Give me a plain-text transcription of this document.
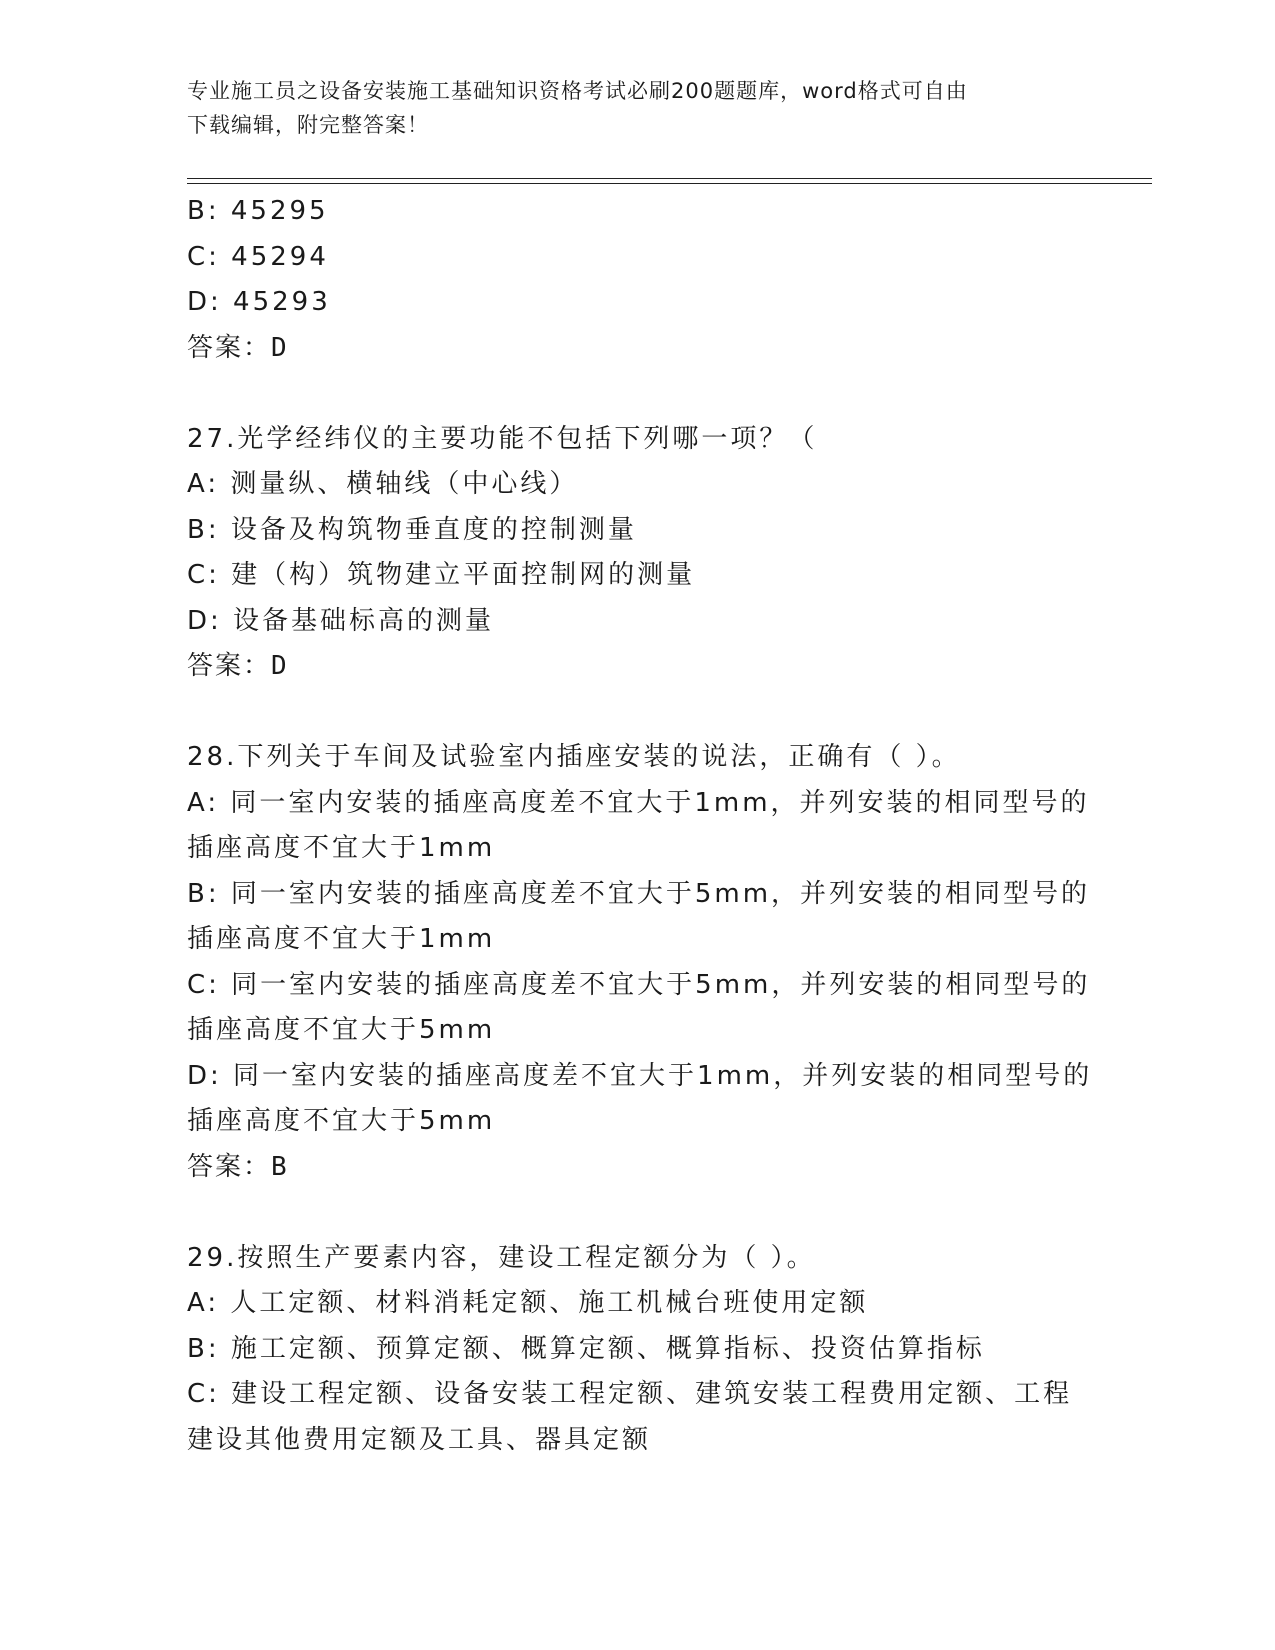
专业施工员之设备安装施工基础知识资格考试必刷200题题库，word格式可自由
下载编辑，附完整答案！

B: 45295

C: 45294

D: 45293

答案：D

27.光学经纬仪的主要功能不包括下列哪一项？（

A: 测量纵、横轴线（中心线）

B: 设备及构筑物垂直度的控制测量

C: 建（构）筑物建立平面控制网的测量

D: 设备基础标高的测量

答案：D

28.下列关于车间及试验室内插座安装的说法，正确有（ ）。

A: 同一室内安装的插座高度差不宜大于1mm，并列安装的相同型号的

插座高度不宜大于1mm

B: 同一室内安装的插座高度差不宜大于5mm，并列安装的相同型号的

插座高度不宜大于1mm

C: 同一室内安装的插座高度差不宜大于5mm，并列安装的相同型号的

插座高度不宜大于5mm

D: 同一室内安装的插座高度差不宜大于1mm，并列安装的相同型号的

插座高度不宜大于5mm

答案：B

29.按照生产要素内容，建设工程定额分为（ ）。

A: 人工定额、材料消耗定额、施工机械台班使用定额

B: 施工定额、预算定额、概算定额、概算指标、投资估算指标

C: 建设工程定额、设备安装工程定额、建筑安装工程费用定额、工程

建设其他费用定额及工具、器具定额
